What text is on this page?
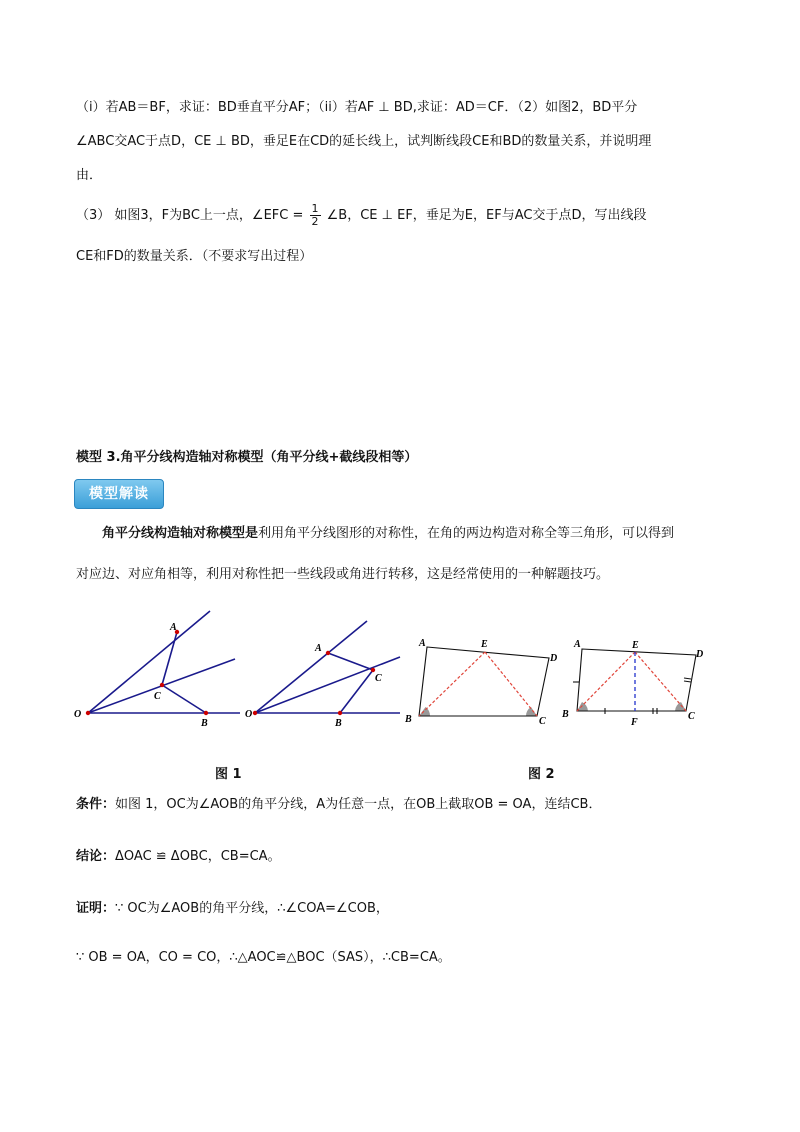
（i）若AB＝BF，求证：BD垂直平分AF；（ii）若AF ⊥ BD,求证：AD＝CF．（2）如图2，BD平分
∠ABC交AC于点D，CE ⊥ BD，垂足E在CD的延长线上，试判断线段CE和BD的数量关系，并说明理
由．
（3） 如图3，F为BC上一点，∠EFC = $\frac{1}{2}$ ∠B，CE ⊥ EF，垂足为E，EF与AC交于点D，写出线段
CE和FD的数量关系．（不要求写出过程）
模型 3.角平分线构造轴对称模型（角平分线+截线段相等）
模型解读
角平分线构造轴对称模型是利用角平分线图形的对称性，在角的两边构造对称全等三角形，可以得到
对应边、对应角相等，利用对称性把一些线段或角进行转移，这是经常使用的一种解题技巧。
A
C
O
B
A
C
O
B
A	E
D
B	C
A	E
D
B
F
C
图 1	图 2
条件：如图 1，OC为∠AOB的角平分线，A为任意一点，在OB上截取OB = OA，连结CB．
结论：ΔOAC ≌ ΔOBC，CB=CA。
证明：∵ OC为∠AOB的角平分线，∴∠COA=∠COB，
∵ OB = OA，CO = CO，∴△AOC≌△BOC（SAS），∴CB=CA。
